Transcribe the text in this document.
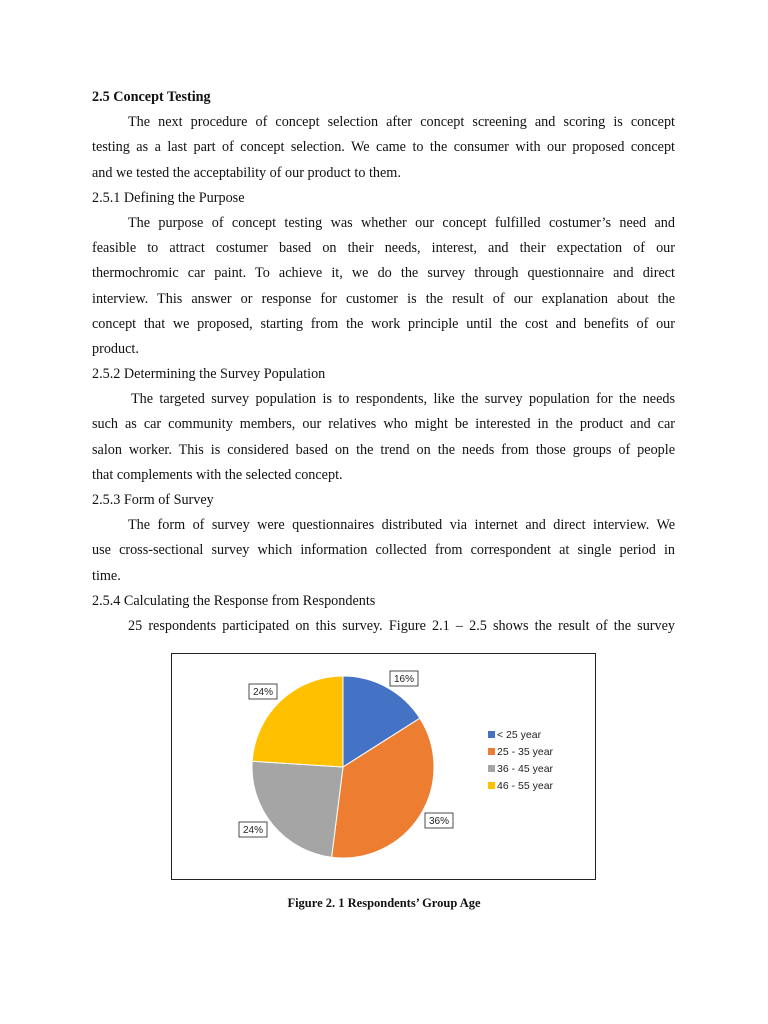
2.5 Concept Testing
The next procedure of concept selection after concept screening and scoring is concept
testing as a last part of concept selection. We came to the consumer with our proposed concept
and we tested the acceptability of our product to them.
2.5.1 Defining the Purpose
The purpose of concept testing was whether our concept fulfilled costumer’s need and
feasible to attract costumer based on their needs, interest, and their expectation of our
thermochromic car paint. To achieve it, we do the survey through questionnaire and direct
interview. This answer or response for customer is the result of our explanation about the
concept that we proposed, starting from the work principle until the cost and benefits of our
product.
2.5.2 Determining the Survey Population
The targeted survey population is to respondents, like the survey population for the needs
such as car community members, our relatives who might be interested in the product and car
salon worker. This is considered based on the trend on the needs from those groups of people
that complements with the selected concept.
2.5.3 Form of Survey
The form of survey were questionnaires distributed via internet and direct interview. We
use cross-sectional survey which information collected from correspondent at single period in
time.
2.5.4 Calculating the Response from Respondents
25 respondents participated on this survey. Figure 2.1 – 2.5 shows the result of the survey
16%
36%
24%
24%
< 25 year
25 - 35 year
36 - 45 year
46 - 55 year
Figure 2. 1 Respondents’ Group Age
